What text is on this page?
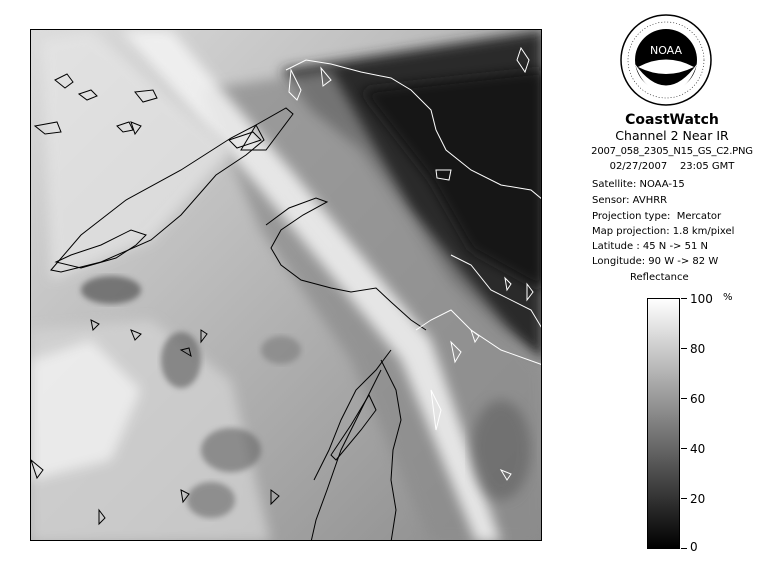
NOAA
CoastWatch
Channel 2 Near IR
2007_058_2305_N15_GS_C2.PNG
02/27/2007 23:05 GMT
Satellite: NOAA-15
Sensor: AVHRR
Projection type:  Mercator
Map projection: 1.8 km/pixel
Latitude : 45 N -> 51 N
Longitude: 90 W -> 82 W
Reflectance
%
100
80
60
40
20
0
